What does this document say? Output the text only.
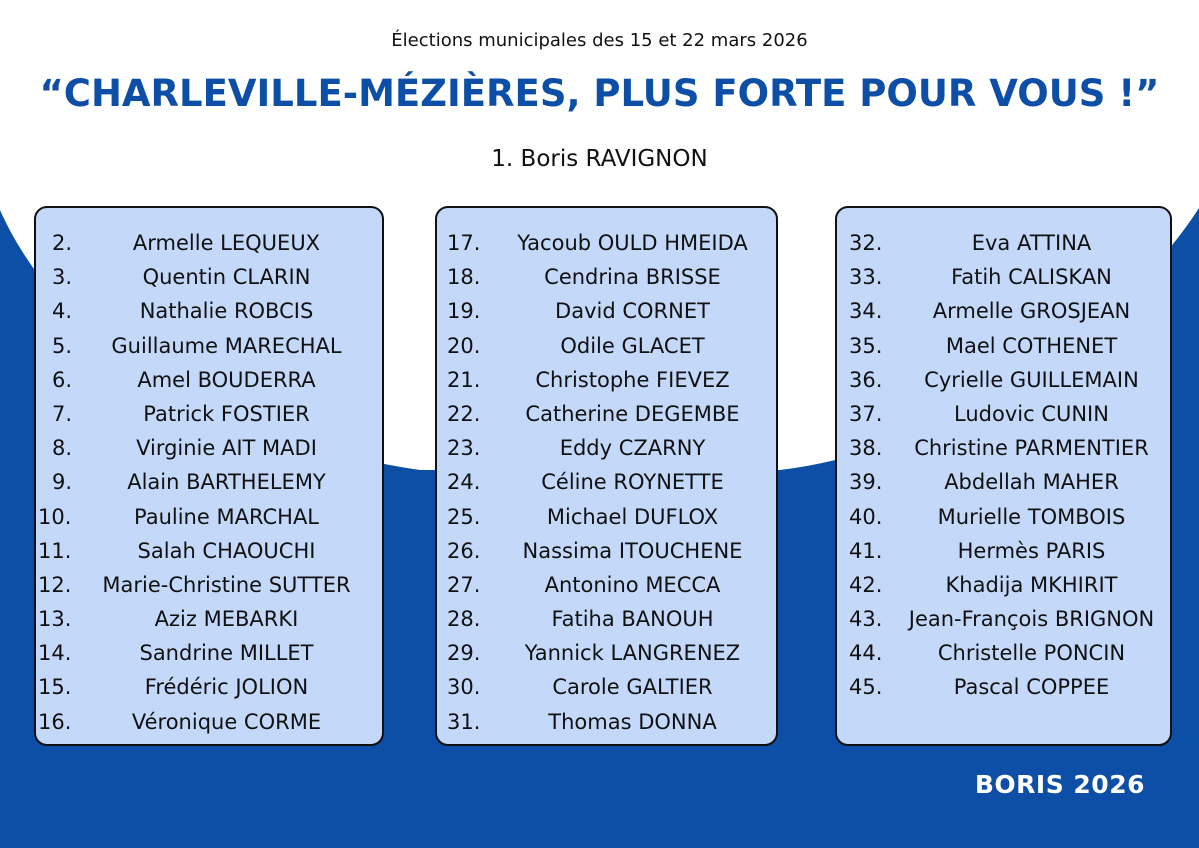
Élections municipales des 15 et 22 mars 2026
“CHARLEVILLE-MÉZIÈRES, PLUS FORTE POUR VOUS !”
1. Boris RAVIGNON
2.	Armelle LEQUEUX
3.	Quentin CLARIN
4.	Nathalie ROBCIS
5.	Guillaume MARECHAL
6.	Amel BOUDERRA
7.	Patrick FOSTIER
8.	Virginie AIT MADI
9.	Alain BARTHELEMY
10.	Pauline MARCHAL
11.	Salah CHAOUCHI
12.	Marie-Christine SUTTER
13.	Aziz MEBARKI
14.	Sandrine MILLET
15.	Frédéric JOLION
16.	Véronique CORME
17.	Yacoub OULD HMEIDA
18.	Cendrina BRISSE
19.	David CORNET
20.	Odile GLACET
21.	Christophe FIEVEZ
22.	Catherine DEGEMBE
23.	Eddy CZARNY
24.	Céline ROYNETTE
25.	Michael DUFLOX
26.	Nassima ITOUCHENE
27.	Antonino MECCA
28.	Fatiha BANOUH
29.	Yannick LANGRENEZ
30.	Carole GALTIER
31.	Thomas DONNA
32.	Eva ATTINA
33.	Fatih CALISKAN
34.	Armelle GROSJEAN
35.	Mael COTHENET
36.	Cyrielle GUILLEMAIN
37.	Ludovic CUNIN
38.	Christine PARMENTIER
39.	Abdellah MAHER
40.	Murielle TOMBOIS
41.	Hermès PARIS
42.	Khadija MKHIRIT
43.	Jean-François BRIGNON
44.	Christelle PONCIN
45.	Pascal COPPEE
BORIS 2026
